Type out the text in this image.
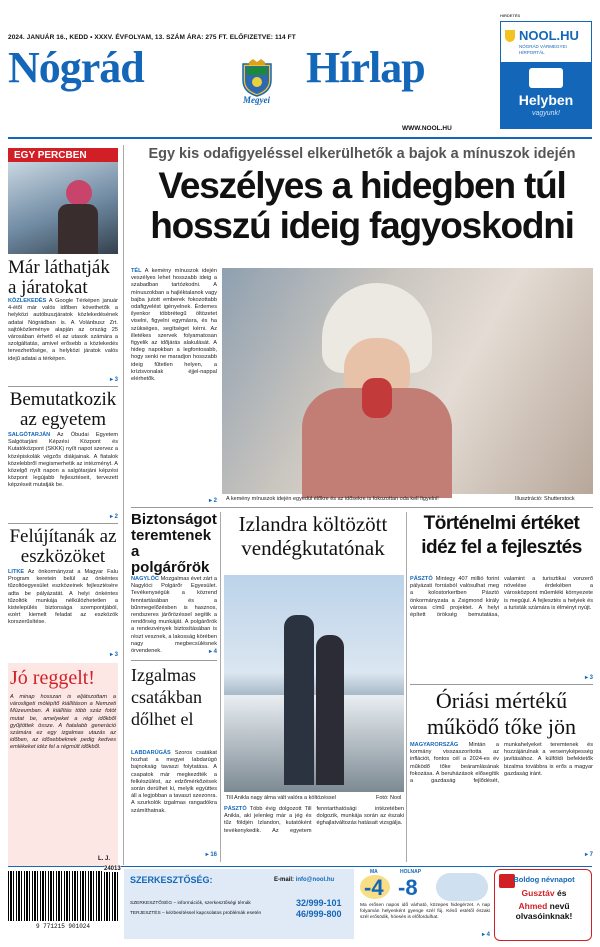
2024. JANUÁR 16., KEDD • XXXV. ÉVFOLYAM, 13. SZÁM ÁRA: 275 FT. ELŐFIZETVE: 114 FT
Nógrád	Hírlap
Megyei
WWW.NOOL.HU
HIRDETÉS
NOOL.HU
NÓGRÁD VÁRMEGYEI
HÍRPORTÁL
Helyben
vagyunk!
EGY PERCBEN
Már láthatják a járatokat
KÖZLEKEDÉS A Google Térképen január 4-étől már valós időben követhetők a helyközi autóbuszjáratok közlekedésének adatai Nógrádban is. A Volánbusz Zrt. sajtóközleménye alapján az ország 25 városában érhető el az utasok számára a szolgáltatás, amivel erősebb a közlekedés tervezhetősége, a helyközi járatok valós idejű adatai a térképen.
▸ 3
Bemutatkozik az egyetem
SALGÓTARJÁN Az Óbudai Egyetem Salgótarjáni Képzési Központ és Kutatóközpont (SKKK) nyílt napot szervez a középiskolák végzős diákjainak. A fiatalok közelebbről megismerhetik az intézményt. A közelgő nyílt napon a salgótarjáni képzési központ legújabb fejlesztéseit, tervezett képzéseit mutatják be.
▸ 2
Felújítanák az eszközöket
LITKE Az önkormányzat a Magyar Falu Program keretein belül az önkéntes tűzoltóegyesület eszközeinek fejlesztésére adta be pályázatát. A helyi önkéntes tűzoltók munkája nélkülözhetetlen a kistelepülés biztonsága szempontjából, ezért kiemelt feladat az eszközök korszerűsítése.
▸ 3
Jó reggelt!
A minap hosszan is eljátszottam a városligeti mólépítő kiállításon a Nemzeti Múzeumban. A kiállítás több száz fotót mutat be, amelyeket a régi időkből gyűjtöttek össze. A fiatalabb generáció számára ez egy izgalmas utazás az időben, az idősebbeknek pedig kedves emlékeket idéz fel a régmúlt időkből.
L. J.
Egy kis odafigyeléssel elkerülhetők a bajok a mínuszok idején
Veszélyes a hidegben túl
hosszú ideig fagyoskodni
TÉL A kemény mínuszok idején veszélyes lehet hosszabb ideig a szabadban tartózkodni. A mínuszokban a hajléktalanok vagy bajba jutott emberek fokozottabb odafigyelést igényelnek. Érdemes ilyenkor többrétegű öltözetet viselni, figyelni egymásra, és ha szükséges, segítséget kérni. Az illetékes szervek folyamatosan figyelik az időjárás alakulását. A hideg napokban a legfontosabb, hogy senki ne maradjon hosszabb ideig fűtetlen helyen, a krízisvonalak éjjel-nappal elérhetők.
▸ 2 A kemény mínuszok idején egyedül élőkre és az idősekre is fokozottan oda kell figyelni!	Illusztráció: Shutterstock
Biztonságot teremtenek a polgárőrök
NAGYLÓC Mozgalmas évet zárt a Nagylóci Polgárőr Egyesület. Tevékenységük a közrend fenntartásában és a bűnmegelőzésben is hasznos, rendszeres járőrözéssel segítik a rendőrség munkáját. A polgárőrök a rendezvények biztosításában is részt vesznek, a lakosság körében nagy megbecsülésnek örvendenek.	▸ 4
Izgalmas csatákban dőlhet el
LABDARÚGÁS Szoros csatákat hozhat a megyei labdarúgó bajnokság tavaszi folytatása. A csapatok már megkezdték a felkészülést, az edzőmérkőzések során derülhet ki, melyik együttes áll a legjobban a tavaszi szezonra. A szurkolók izgalmas rangadókra számíthatnak.
▸ 16
Izlandra költözött vendégkutatónak
Till Anikla nagy álma vált valóra a költözéssel	Fotó: Nool
PÁSZTÓ Több évig dolgozott Till Anikla, aki jelenleg már a jég és tűz földjén Izlandon, kutatóként tevékenykedik. Az egyetem fenntarthatósági intézetében dolgozik, munkája során az északi éghajlatváltozás hatásait vizsgálja.
Történelmi értéket idéz fel a fejlesztés
PÁSZTÓ Mintegy 407 millió forint pályázati forrásból valósulhat meg a kolostorkertben Pásztó önkormányzata a Zsigmond király városa című projektet. A helyi épített örökség bemutatása, valamint a turisztikai vonzerő növelése érdekében a városközpont műemléki környezete is megújul. A fejlesztés a helyiek és a turisták számára is élményt nyújt.
▸ 3
Óriási mértékű működő tőke jön
MAGYARORSZÁG Mintán a kormány visszaszorította az inflációt, fontos cél a 2024-es év működő tőke beáramlásának fokozása. A beruházások elősegítik a gazdaság fejlődését, munkahelyeket teremtenek és hozzájárulnak a versenyképesség javításához. A külföldi befektetők bizalma továbbra is erős a magyar gazdaság iránt.
▸ 7
9 771215 901024
24013
SZERKESZTŐSÉG:	E-mail: info@nool.hu
SZERKESZTŐSÉG – információk, szerkesztőségi témák
TERJESZTÉS – kézbesítéssel kapcsolatos problémák esetén
32/999-101
46/999-800
MA	HOLNAP
-4 -8
Ma erősen napos idő várható, közepes hidegérzet. A nap folyamán helyenként gyenge szél fúj. Késő estétől északi szél erősödik, hóesés is előfordulhat.
▸ 4
Boldog névnapot
Gusztáv és
Ahmed nevű olvasóinknak!
